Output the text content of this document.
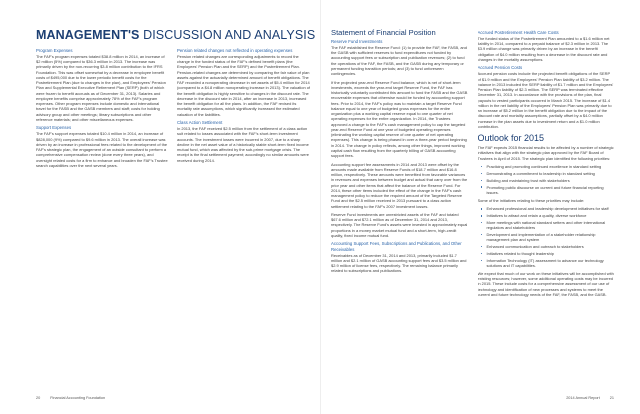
MANAGEMENT'S DISCUSSION AND ANALYSIS
Program Expenses

The FAF's program expenses totaled $38.8 million in 2014, an increase of $2 million (5%) compared to $36.3 million in 2013. The increase was primarily driven by the non-recurring $3.8 million contribution to the IFRS Foundation. This was offset somewhat by a decrease in employee benefit costs of $495,000 due to the lower periodic benefit costs for the Postretirement Plan (due to changes in the plan), and Employees' Pension Plan and Supplemental Executive Retirement Plan (SERP) (both of which were frozen to benefit accruals as of December 31, 2013). Salaries and employee benefits comprise approximately 78% of the FAF's program expenses. Other program expenses include domestic and international travel for the FASB and the GASB members and staff; costs for holding advisory group and other meetings; library subscriptions and other reference materials; and other miscellaneous expenses.

Support Expenses

The FAF's support expenses totaled $10.4 million in 2014, an increase of $828,000 (9%) compared to $9.6 million in 2013. The overall increase was driven by an increase in professional fees related to the development of the FAF's strategic plan, the engagement of an outside consultant to perform a comprehensive compensation review (done every three years), and oversight related costs for a firm to enhance and broaden the FAF's Trustee search capabilities over the next several years.

Pension related changes not reflected in operating expenses

Pension related changes are corresponding adjustments to record the change in the funded status of the FAF's defined benefit plans (the Employees' Pension Plan and the SERP) and the Postretirement Plan. Pension-related changes are determined by comparing the fair value of plan assets against the actuarially determined amount of benefit obligations. The FAF recorded a nonoperating decrease in net assets of $5.4 million for 2014 (compared to a $4.8 million nonoperating increase in 2013). The valuation of the benefit obligation is highly sensitive to changes in the discount rate. The decrease in the discount rate in 2014, after an increase in 2013, increased the benefit obligation for all the plans. In addition, the FAF revised its mortality rate assumptions, which significantly increased the estimated valuation of the liabilities.

Class Action Settlement

In 2013, the FAF received $2.5 million from the settlement of a class action suit related to losses associated with the FAF's short-term investment accounts. The investment losses were incurred in 2007, due to a sharp decline in the net asset value of a historically stable short-term fixed income mutual fund, which was affected by the sub-prime mortgage crisis. The receipt is the final settlement payment; accordingly no similar amounts were received during 2014.

20	Financial Accounting Foundation
Statement of Financial Position
Reserve Fund Investments

The FAF established the Reserve Fund: (1) to provide the FAF, the FASB, and the GASB with sufficient reserves to fund expenditures not funded by accounting support fees or subscription and publication revenues; (2) to fund the operations of the FAF, the FASB, and the GASB during any temporary or permanent funding transition periods; and (3) to fund unforeseen contingencies.

If the projected year-end Reserve Fund balance, which is net of short-term investments, exceeds the year-end target Reserve Fund, the FAF has historically voluntarily contributed this amount to fund the FASB and the GASB recoverable expenses that otherwise would be funded by accounting support fees. Prior to 2014, the FAF's policy was to maintain a target Reserve Fund balance equal to one year of budgeted gross expenses for the entire organization plus a working capital reserve equal to one quarter of net operating expenses for the entire organization. In 2014, the Trustees approved a change to the FAF's cash management policy to cap the targeted year-end Reserve Fund at one year of budgeted operating expenses (eliminating the working capital reserve of one quarter of net operating expenses). This change is being phased in over a three-year period beginning in 2014. The change in policy reflects, among other things, improved working capital cash flow resulting from the quarterly billing of GASB accounting support fees.

Accounting support fee assessments in 2014 and 2013 were offset by the amounts made available from Reserve Funds of $18.7 million and $16.8 million, respectively. These amounts were benefited from favorable variances in revenues and expenses between budget and actual that carry over from the prior year and other items that affect the balance of the Reserve Fund. For 2014, these other items included the effect of the change in the FAF's cash management policy to reduce the required amount of the Targeted Reserve Fund and the $2.5 million received in 2013 pursuant to a class action settlement relating to the FAF's 2007 investment losses.

Reserve Fund investments are unrestricted assets of the FAF and totaled $67.6 million and $72.1 million as of December 31, 2014 and 2013, respectively. The Reserve Fund's assets were invested in approximately equal proportions in a money market mutual fund and a short-term, high-credit quality, fixed income mutual fund.

Accounting Support Fees, Subscriptions and Publications, and Other Receivables

Receivables as of December 31, 2014 and 2013, primarily included $1.7 million and $2.1 million of GASB accounting support fees and $3.5 million and $2.9 million of license fees, respectively. The remaining balance primarily related to subscriptions and publications.

Accrued Postretirement Health Care Costs

The funded status of the Postretirement Plan amounted to a $1.6 million net liability in 2014, compared to a prepaid balance of $2.3 million in 2013. The $3.9 million change was primarily driven by an increase in the benefit obligation of $4.0 million resulting from a decrease in the discount rate and changes in the mortality assumptions.

Accrued Pension Costs

Accrued pension costs include the projected benefit obligations of the SERP of $1.9 million and the Employees' Pension Plan liability of $3.2 million. The balance in 2013 included the SERP liability of $1.7 million and the Employees' Pension Plan liability of $2.3 million. The SERP was terminated effective December 31, 2013. In accordance with the provisions of the plan, final payouts to vested participants occurred in March 2015. The increase of $1.4 million in the net liability of the Employees' Pension Plan was primarily due to an increase of $5.2 million in the benefit obligation due to the impact of the discount rate and mortality assumptions, partially offset by a $4.0 million increase in the plan assets due to investment return and a $1.0 million contribution.

Outlook for 2015

The FAF expects 2015 financial results to be affected by a number of strategic initiatives that align with the strategic plan approved by the FAF Board of Trustees in April of 2015. The strategic plan identified the following priorities:

Practicing and promoting continued excellence in standard setting
Demonstrating a commitment to leadership in standard setting
Building and maintaining trust with stakeholders
Promoting public discourse on current and future financial reporting issues.

Some of the initiatives relating to these priorities may include:

Enhanced professional and leadership development initiatives for staff
Initiatives to attract and retain a quality, diverse workforce
More meetings with national standard setters and other international regulators and stakeholders
Development and implementation of a stakeholder relationship management plan and system
Enhanced communication and outreach to stakeholders
Initiatives related to thought leadership
Information Technology (IT) assessment to advance our technology solutions and IT capabilities.

We expect that much of our work on these initiatives will be accomplished with existing resources; however, some additional operating costs may be incurred in 2015. These include costs for a comprehensive assessment of our use of technology and identification of new processes and systems to meet the current and future technology needs of the FAF, the FASB, and the GASB.

2014 Annual Report	21
